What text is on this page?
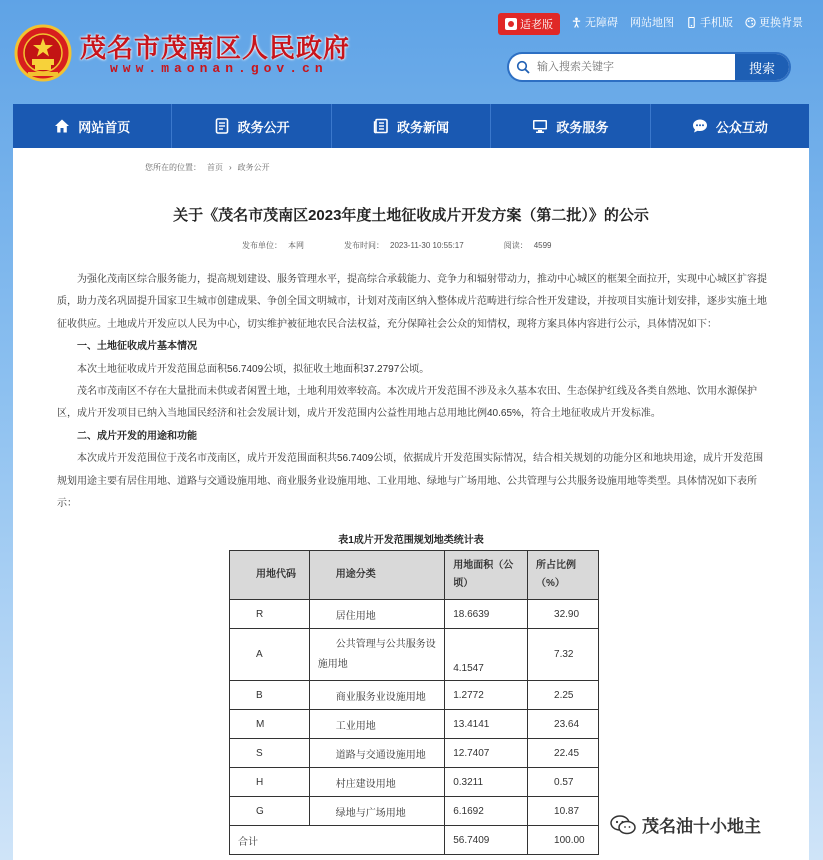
茂名市茂南区人民政府
www.maonan.gov.cn
适老版	无障碍 网站地图 手机版 更换背景
输入搜索关键字
搜索
网站首页	政务公开	政务新闻	政务服务	公众互动
您所在的位置： 首页 › 政务公开
关于《茂名市茂南区2023年度土地征收成片开发方案（第二批）》的公示
发布单位： 本网	发布时间： 2023-11-30 10:55:17	阅读： 4599

为强化茂南区综合服务能力，提高规划建设、服务管理水平，提高综合承载能力、竞争力和辐射带动力，推动中心城区的框架全面拉开，实现中心城区扩容提质，助力茂名巩固提升国家卫生城市创建成果、争创全国文明城市，计划对茂南区纳入整体成片范畴进行综合性开发建设，并按项目实施计划安排，逐步实施土地征收供应。土地成片开发应以人民为中心，切实维护被征地农民合法权益，充分保障社会公众的知情权，现将方案具体内容进行公示，具体情况如下：

一、土地征收成片基本情况

本次土地征收成片开发范围总面积56.7409公顷，拟征收土地面积37.2797公顷。

茂名市茂南区不存在大量批而未供或者闲置土地，土地利用效率较高。本次成片开发范围不涉及永久基本农田、生态保护红线及各类自然地、饮用水源保护区，成片开发项目已纳入当地国民经济和社会发展计划，成片开发范围内公益性用地占总用地比例40.65%，符合土地征收成片开发标准。

二、成片开发的用途和功能

本次成片开发范围位于茂名市茂南区，成片开发范围面积共56.7409公顷，依据成片开发范围实际情况，结合相关规划的功能分区和地块用途，成片开发范围规划用途主要有居住用地、道路与交通设施用地、商业服务业设施用地、工业用地、绿地与广场用地、公共管理与公共服务设施用地等类型。具体情况如下表所示：

表1成片开发范围规划地类统计表
用地代码	用途分类	用地面积（公顷）	所占比例（%）
R	居住用地	18.6639	32.90
A	公共管理与公共服务设施用地	4.1547	7.32
B	商业服务业设施用地	1.2772	2.25
M	工业用地	13.4141	23.64
S	道路与交通设施用地	12.7407	22.45
H	村庄建设用地	0.3211	0.57
G	绿地与广场用地	6.1692	10.87
合计		56.7409	100.00
茂名油十小地主
